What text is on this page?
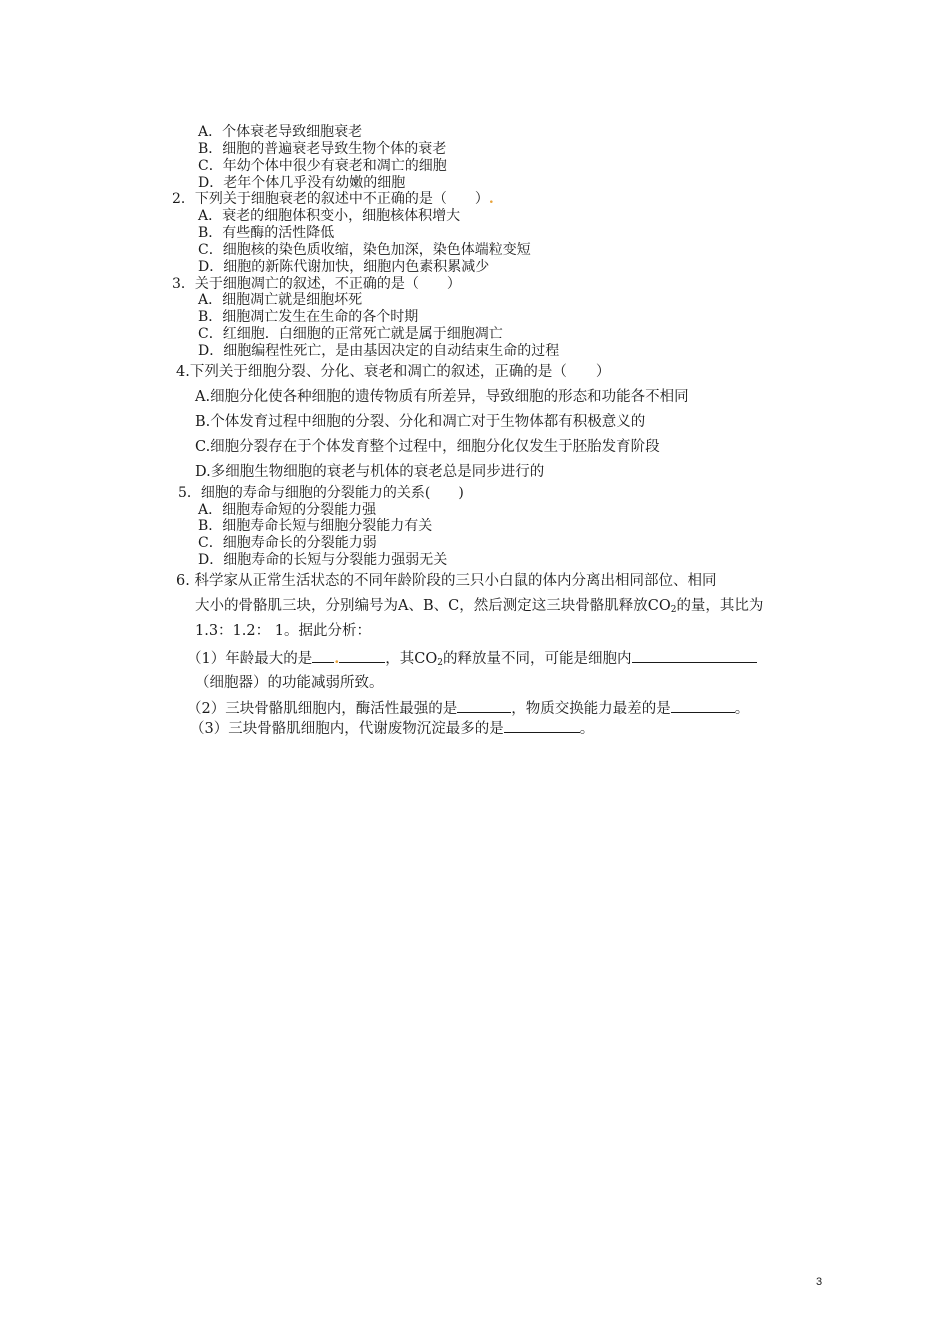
A．个体衰老导致细胞衰老
B．细胞的普遍衰老导致生物个体的衰老
C．年幼个体中很少有衰老和凋亡的细胞
D．老年个体几乎没有幼嫩的细胞
2．下列关于细胞衰老的叙述中不正确的是（　　）.
A．衰老的细胞体积变小，细胞核体积增大
B．有些酶的活性降低
C．细胞核的染色质收缩，染色加深，染色体端粒变短
D．细胞的新陈代谢加快，细胞内色素积累减少
3．关于细胞凋亡的叙述，不正确的是（　　）
A．细胞凋亡就是细胞坏死
B．细胞凋亡发生在生命的各个时期
C．红细胞．白细胞的正常死亡就是属于细胞凋亡
D．细胞编程性死亡，是由基因决定的自动结束生命的过程
4.下列关于细胞分裂、分化、衰老和凋亡的叙述，正确的是（　　）
A.细胞分化使各种细胞的遗传物质有所差异，导致细胞的形态和功能各不相同
B.个体发育过程中细胞的分裂、分化和凋亡对于生物体都有积极意义的
C.细胞分裂存在于个体发育整个过程中，细胞分化仅发生于胚胎发育阶段
D.多细胞生物细胞的衰老与机体的衰老总是同步进行的
5．细胞的寿命与细胞的分裂能力的关系(　　)
A．细胞寿命短的分裂能力强
B．细胞寿命长短与细胞分裂能力有关
C．细胞寿命长的分裂能力弱
D．细胞寿命的长短与分裂能力强弱无关
6. 科学家从正常生活状态的不同年龄阶段的三只小白鼠的体内分离出相同部位、相同
大小的骨骼肌三块，分别编号为A、B、C，然后测定这三块骨骼肌释放$CO_2$的量，其比为
1.3：1.2： 1。据此分析：
（1）年龄最大的是 .	，其$CO_2$的释放量不同，可能是细胞内
（细胞器）的功能减弱所致。
（2）三块骨骼肌细胞内，酶活性最强的是	，物质交换能力最差的是	。
（3）三块骨骼肌细胞内，代谢废物沉淀最多的是	。
3
